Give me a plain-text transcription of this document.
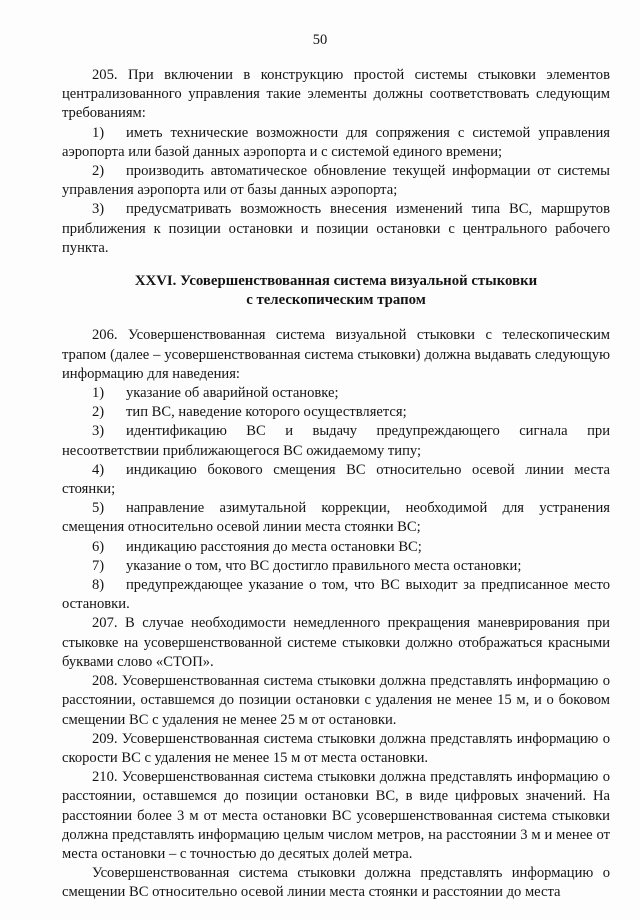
50

205. При включении в конструкцию простой системы стыковки элементов централизованного управления такие элементы должны соответствовать следующим требованиям:

1) иметь технические возможности для сопряжения с системой управления аэропорта или базой данных аэропорта и с системой единого времени;

2) производить автоматическое обновление текущей информации от системы управления аэропорта или от базы данных аэропорта;

3) предусматривать возможность внесения изменений типа ВС, маршрутов приближения к позиции остановки и позиции остановки с центрального рабочего пункта.

XXVI. Усовершенствованная система визуальной стыковки
с телескопическим трапом

206. Усовершенствованная система визуальной стыковки с телескопическим трапом (далее – усовершенствованная система стыковки) должна выдавать следующую информацию для наведения:

1) указание об аварийной остановке;

2) тип ВС, наведение которого осуществляется;

3) идентификацию ВС и выдачу предупреждающего сигнала при несоответствии приближающегося ВС ожидаемому типу;

4) индикацию бокового смещения ВС относительно осевой линии места стоянки;

5) направление азимутальной коррекции, необходимой для устранения смещения относительно осевой линии места стоянки ВС;

6) индикацию расстояния до места остановки ВС;

7) указание о том, что ВС достигло правильного места остановки;

8) предупреждающее указание о том, что ВС выходит за предписанное место остановки.

207. В случае необходимости немедленного прекращения маневрирования при стыковке на усовершенствованной системе стыковки должно отображаться красными буквами слово «СТОП».

208. Усовершенствованная система стыковки должна представлять информацию о расстоянии, оставшемся до позиции остановки с удаления не менее 15 м, и о боковом смещении ВС с удаления не менее 25 м от остановки.

209. Усовершенствованная система стыковки должна представлять информацию о скорости ВС с удаления не менее 15 м от места остановки.

210. Усовершенствованная система стыковки должна представлять информацию о расстоянии, оставшемся до позиции остановки ВС, в виде цифровых значений. На расстоянии более 3 м от места остановки ВС усовершенствованная система стыковки должна представлять информацию целым числом метров, на расстоянии 3 м и менее от места остановки – с точностью до десятых долей метра.

Усовершенствованная система стыковки должна представлять информацию о смещении ВС относительно осевой линии места стоянки и расстоянии до места
